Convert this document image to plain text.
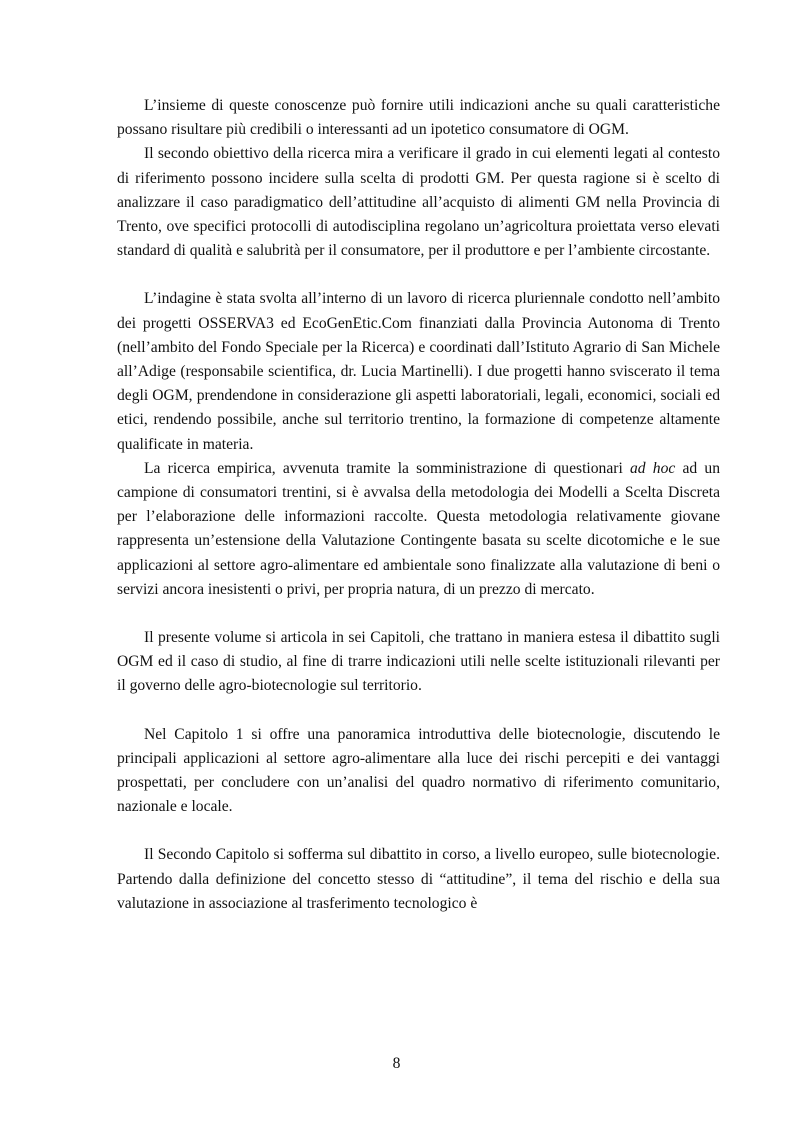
L’insieme di queste conoscenze può fornire utili indicazioni anche su quali caratteristiche possano risultare più credibili o interessanti ad un ipotetico consumatore di OGM.

Il secondo obiettivo della ricerca mira a verificare il grado in cui elementi legati al contesto di riferimento possono incidere sulla scelta di prodotti GM. Per questa ragione si è scelto di analizzare il caso paradigmatico dell’attitudine all’acquisto di alimenti GM nella Provincia di Trento, ove specifici protocolli di autodisciplina regolano un’agricoltura proiettata verso elevati standard di qualità e salubrità per il consumatore, per il produttore e per l’ambiente circostante.

L’indagine è stata svolta all’interno di un lavoro di ricerca pluriennale condotto nell’ambito dei progetti OSSERVA3 ed EcoGenEtic.Com finanziati dalla Provincia Autonoma di Trento (nell’ambito del Fondo Speciale per la Ricerca) e coordinati dall’Istituto Agrario di San Michele all’Adige (responsabile scientifica, dr. Lucia Martinelli). I due progetti hanno sviscerato il tema degli OGM, prendendone in considerazione gli aspetti laboratoriali, legali, economici, sociali ed etici, rendendo possibile, anche sul territorio trentino, la formazione di competenze altamente qualificate in materia.

La ricerca empirica, avvenuta tramite la somministrazione di questionari ad hoc ad un campione di consumatori trentini, si è avvalsa della metodologia dei Modelli a Scelta Discreta per l’elaborazione delle informazioni raccolte. Questa metodologia relativamente giovane rappresenta un’estensione della Valutazione Contingente basata su scelte dicotomiche e le sue applicazioni al settore agro-alimentare ed ambientale sono finalizzate alla valutazione di beni o servizi ancora inesistenti o privi, per propria natura, di un prezzo di mercato.

Il presente volume si articola in sei Capitoli, che trattano in maniera estesa il dibattito sugli OGM ed il caso di studio, al fine di trarre indicazioni utili nelle scelte istituzionali rilevanti per il governo delle agro-biotecnologie sul territorio.

Nel Capitolo 1 si offre una panoramica introduttiva delle biotecnologie, discutendo le principali applicazioni al settore agro-alimentare alla luce dei rischi percepiti e dei vantaggi prospettati, per concludere con un’analisi del quadro normativo di riferimento comunitario, nazionale e locale.

Il Secondo Capitolo si sofferma sul dibattito in corso, a livello europeo, sulle biotecnologie. Partendo dalla definizione del concetto stesso di “attitudine”, il tema del rischio e della sua valutazione in associazione al trasferimento tecnologico è

8
